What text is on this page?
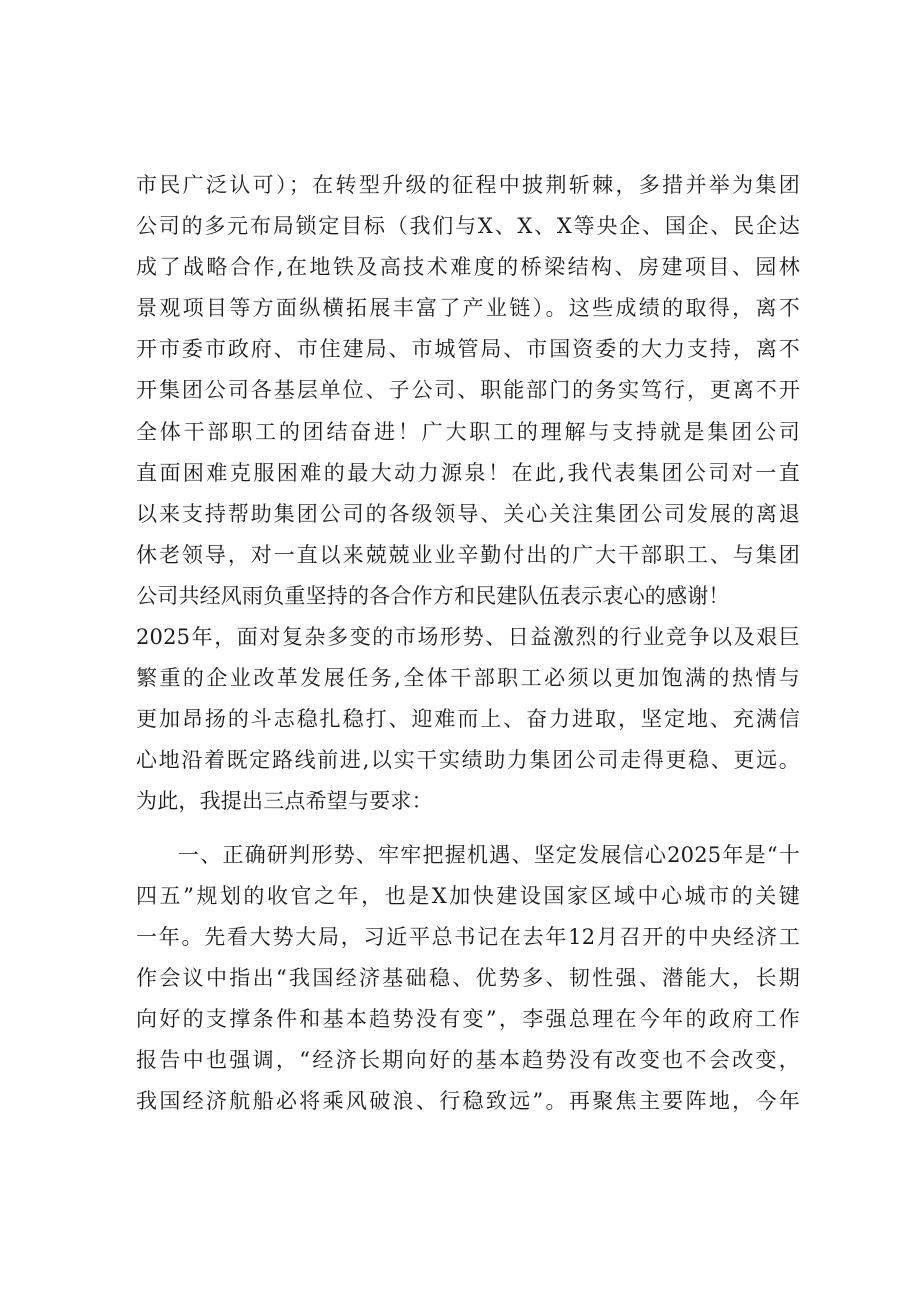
市民广泛认可）；在转型升级的征程中披荆斩棘，多措并举为集团
公司的多元布局锁定目标（我们与X、X、X等央企、国企、民企达
成了战略合作,在地铁及高技术难度的桥梁结构、房建项目、园林
景观项目等方面纵横拓展丰富了产业链）。这些成绩的取得，离不
开市委市政府、市住建局、市城管局、市国资委的大力支持，离不
开集团公司各基层单位、子公司、职能部门的务实笃行，更离不开
全体干部职工的团结奋进！广大职工的理解与支持就是集团公司
直面困难克服困难的最大动力源泉！在此,我代表集团公司对一直
以来支持帮助集团公司的各级领导、关心关注集团公司发展的离退
休老领导，对一直以来兢兢业业辛勤付出的广大干部职工、与集团
公司共经风雨负重坚持的各合作方和民建队伍表示衷心的感谢！
2025年，面对复杂多变的市场形势、日益激烈的行业竞争以及艰巨
繁重的企业改革发展任务,全体干部职工必须以更加饱满的热情与
更加昂扬的斗志稳扎稳打、迎难而上、奋力进取，坚定地、充满信
心地沿着既定路线前进,以实干实绩助力集团公司走得更稳、更远。
为此，我提出三点希望与要求：
一、正确研判形势、牢牢把握机遇、坚定发展信心2025年是“十
四五”规划的收官之年，也是X加快建设国家区域中心城市的关键
一年。先看大势大局，习近平总书记在去年12月召开的中央经济工
作会议中指出“我国经济基础稳、优势多、韧性强、潜能大，长期
向好的支撑条件和基本趋势没有变”，李强总理在今年的政府工作
报告中也强调，“经济长期向好的基本趋势没有改变也不会改变，
我国经济航船必将乘风破浪、行稳致远”。再聚焦主要阵地，今年
